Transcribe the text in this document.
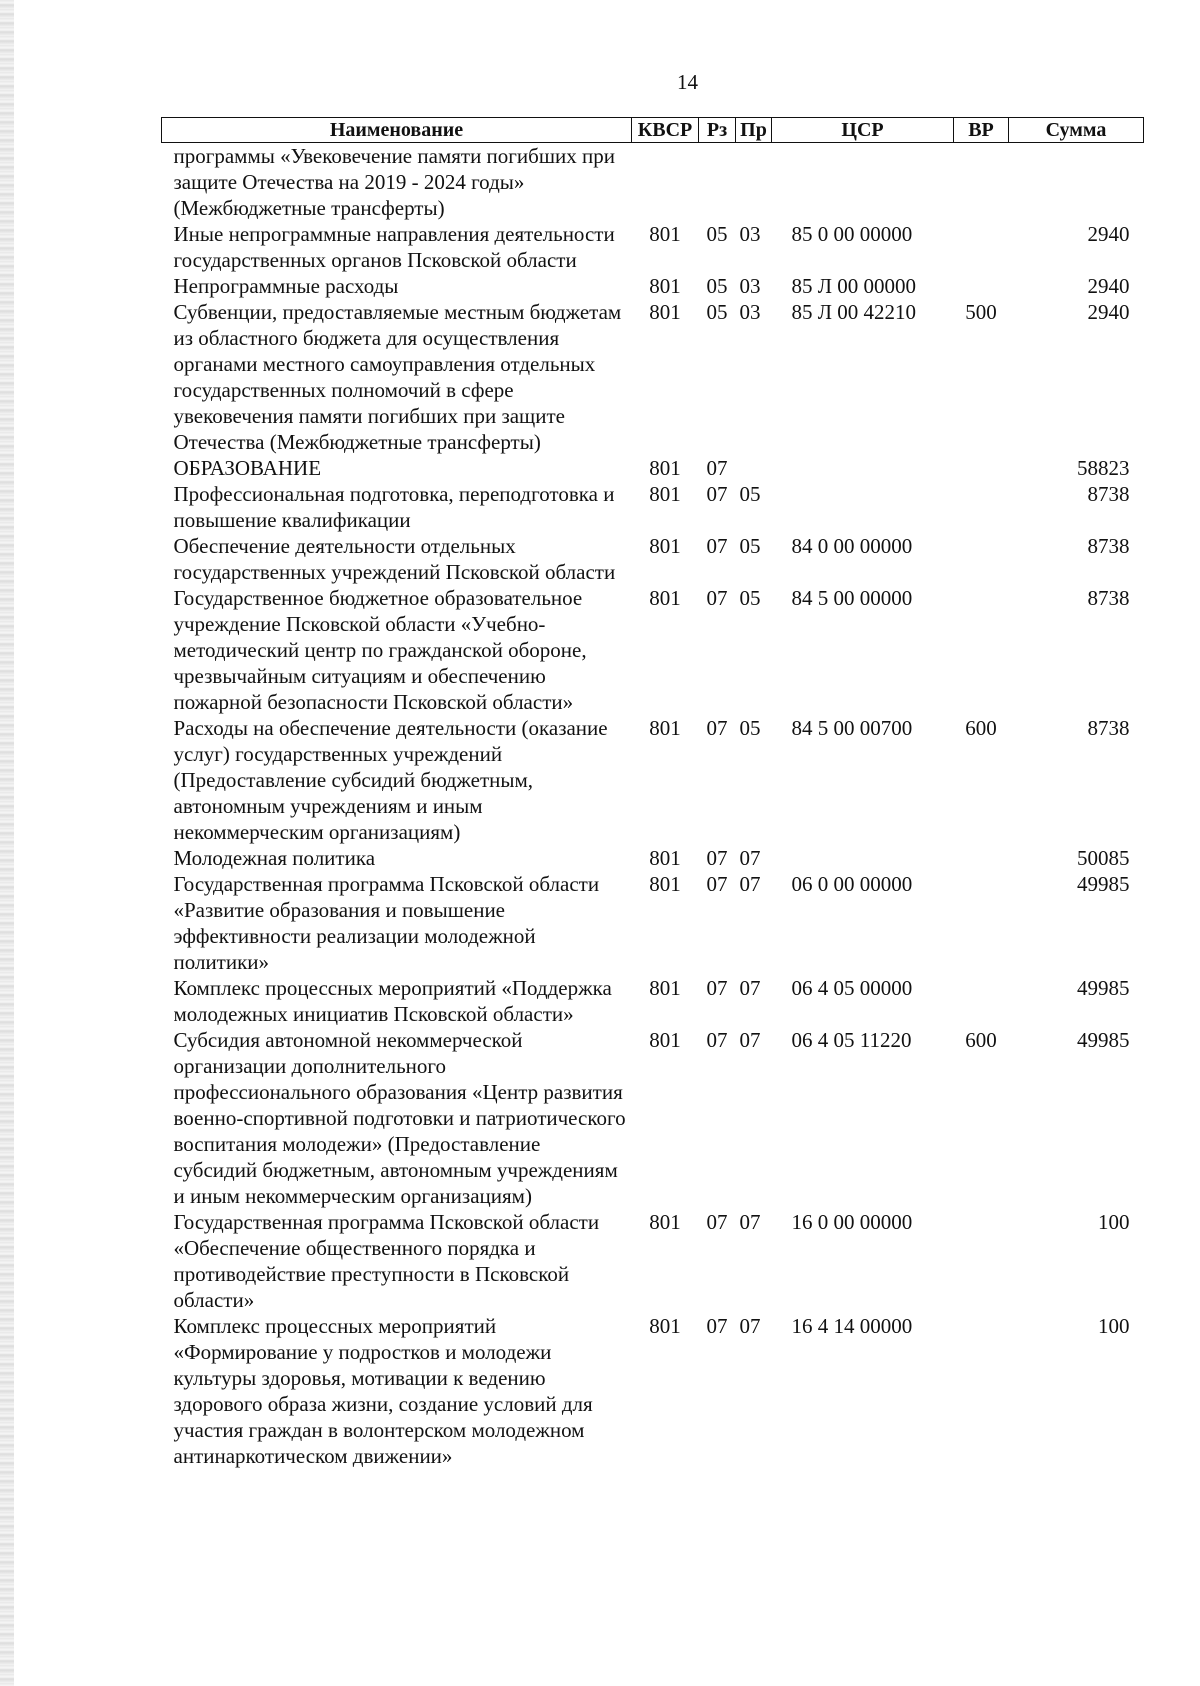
14
Наименование	КВСР	Рз	Пр	ЦСР	ВР	Сумма
программы «Увековечение памяти погибших при защите Отечества на 2019 - 2024 годы» (Межбюджетные трансферты)						
Иные непрограммные направления деятельности государственных органов Псковской области	801	05	03	85 0 00 00000		2940
Непрограммные расходы	801	05	03	85 Л 00 00000		2940
Субвенции, предоставляемые местным бюджетам из областного бюджета для осуществления органами местного самоуправления отдельных государственных полномочий в сфере увековечения памяти погибших при защите Отечества (Межбюджетные трансферты)	801	05	03	85 Л 00 42210	500	2940
ОБРАЗОВАНИЕ	801	07				58823
Профессиональная подготовка, переподготовка и повышение квалификации	801	07	05			8738
Обеспечение деятельности отдельных государственных учреждений Псковской области	801	07	05	84 0 00 00000		8738
Государственное бюджетное образовательное учреждение Псковской области «Учебно-методический центр по гражданской обороне, чрезвычайным ситуациям и обеспечению пожарной безопасности Псковской области»	801	07	05	84 5 00 00000		8738
Расходы на обеспечение деятельности (оказание услуг) государственных учреждений (Предоставление субсидий бюджетным, автономным учреждениям и иным некоммерческим организациям)	801	07	05	84 5 00 00700	600	8738
Молодежная политика	801	07	07			50085
Государственная программа Псковской области «Развитие образования и повышение эффективности реализации молодежной политики»	801	07	07	06 0 00 00000		49985
Комплекс процессных мероприятий «Поддержка молодежных инициатив Псковской области»	801	07	07	06 4 05 00000		49985
Субсидия автономной некоммерческой организации дополнительного профессионального образования «Центр развития военно-спортивной подготовки и патриотического воспитания молодежи» (Предоставление субсидий бюджетным, автономным учреждениям и иным некоммерческим организациям)	801	07	07	06 4 05 11220	600	49985
Государственная программа Псковской области «Обеспечение общественного порядка и противодействие преступности в Псковской области»	801	07	07	16 0 00 00000		100
Комплекс процессных мероприятий «Формирование у подростков и молодежи культуры здоровья, мотивации к ведению здорового образа жизни, создание условий для участия граждан в волонтерском молодежном антинаркотическом движении»	801	07	07	16 4 14 00000		100
